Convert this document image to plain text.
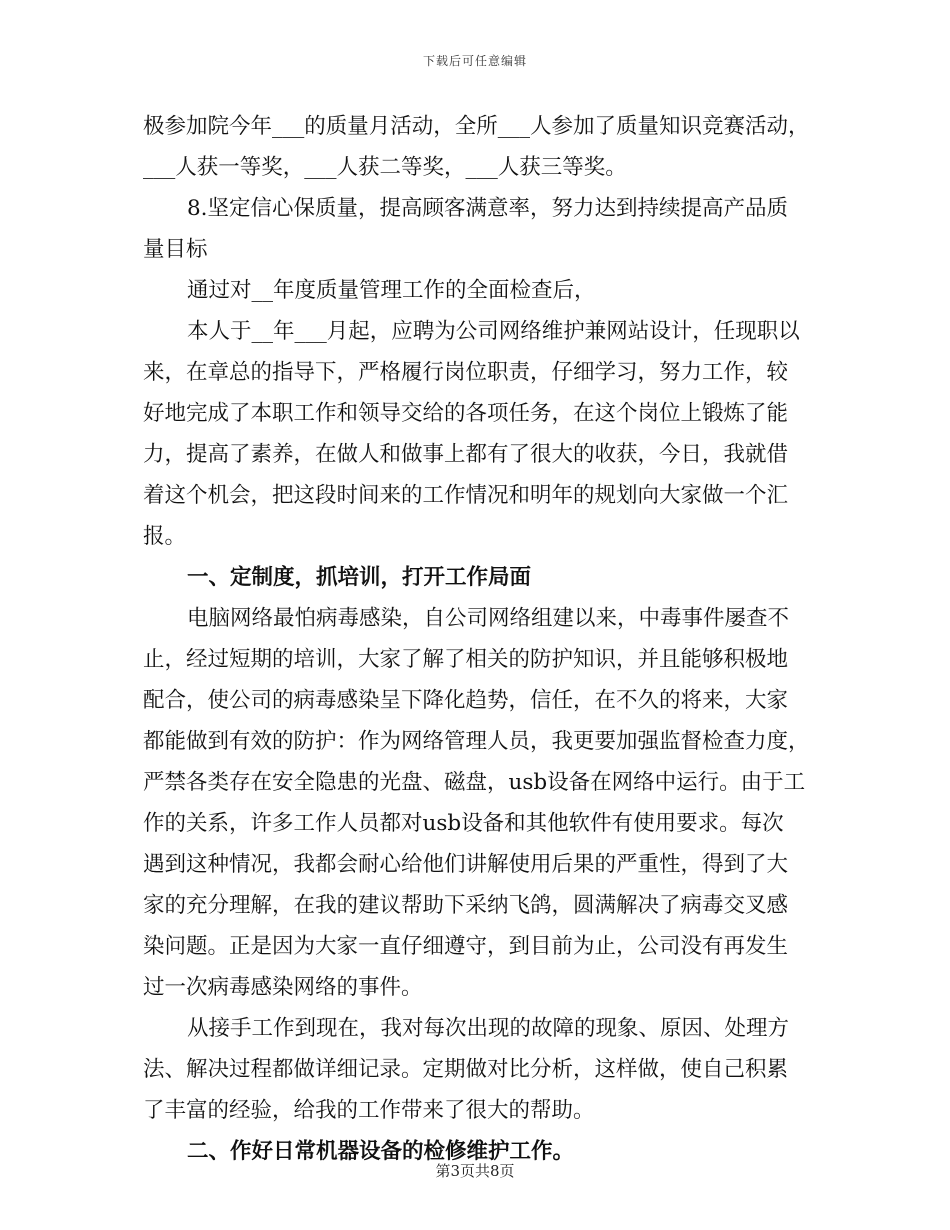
下载后可任意编辑
极参加院今年___的质量月活动，全所___人参加了质量知识竞赛活动，
___人获一等奖，___人获二等奖，___人获三等奖。
8.坚定信心保质量，提高顾客满意率，努力达到持续提高产品质
量目标
通过对__年度质量管理工作的全面检查后，
本人于__年___月起，应聘为公司网络维护兼网站设计，任现职以
来，在章总的指导下，严格履行岗位职责，仔细学习，努力工作，较
好地完成了本职工作和领导交给的各项任务，在这个岗位上锻炼了能
力，提高了素养，在做人和做事上都有了很大的收获，今日，我就借
着这个机会，把这段时间来的工作情况和明年的规划向大家做一个汇
报。
一、定制度，抓培训，打开工作局面
电脑网络最怕病毒感染，自公司网络组建以来，中毒事件屡查不
止，经过短期的培训，大家了解了相关的防护知识，并且能够积极地
配合，使公司的病毒感染呈下降化趋势，信任，在不久的将来，大家
都能做到有效的防护：作为网络管理人员，我更要加强监督检查力度，
严禁各类存在安全隐患的光盘、磁盘，usb设备在网络中运行。由于工
作的关系，许多工作人员都对usb设备和其他软件有使用要求。每次
遇到这种情况，我都会耐心给他们讲解使用后果的严重性，得到了大
家的充分理解，在我的建议帮助下采纳飞鸽，圆满解决了病毒交叉感
染问题。正是因为大家一直仔细遵守，到目前为止，公司没有再发生
过一次病毒感染网络的事件。
从接手工作到现在，我对每次出现的故障的现象、原因、处理方
法、解决过程都做详细记录。定期做对比分析，这样做，使自己积累
了丰富的经验，给我的工作带来了很大的帮助。
二、作好日常机器设备的检修维护工作。
第3页共8页
